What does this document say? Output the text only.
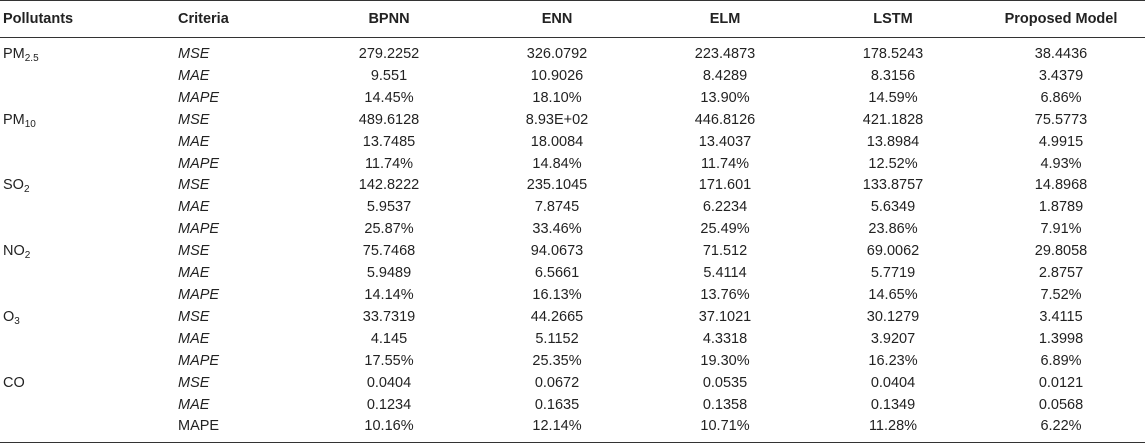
Pollutants	Criteria	BPNN	ENN	ELM	LSTM	Proposed Model
$PM_{2.5}$	MSE	279.2252	326.0792	223.4873	178.5243	38.4436
	MAE	9.551	10.9026	8.4289	8.3156	3.4379
	MAPE	14.45%	18.10%	13.90%	14.59%	6.86%
$PM_{10}$	MSE	489.6128	8.93E+02	446.8126	421.1828	75.5773
	MAE	13.7485	18.0084	13.4037	13.8984	4.9915
	MAPE	11.74%	14.84%	11.74%	12.52%	4.93%
$SO_2$	MSE	142.8222	235.1045	171.601	133.8757	14.8968
	MAE	5.9537	7.8745	6.2234	5.6349	1.8789
	MAPE	25.87%	33.46%	25.49%	23.86%	7.91%
$NO_2$	MSE	75.7468	94.0673	71.512	69.0062	29.8058
	MAE	5.9489	6.5661	5.4114	5.7719	2.8757
	MAPE	14.14%	16.13%	13.76%	14.65%	7.52%
$O_3$	MSE	33.7319	44.2665	37.1021	30.1279	3.4115
	MAE	4.145	5.1152	4.3318	3.9207	1.3998
	MAPE	17.55%	25.35%	19.30%	16.23%	6.89%
CO	MSE	0.0404	0.0672	0.0535	0.0404	0.0121
	MAE	0.1234	0.1635	0.1358	0.1349	0.0568
	MAPE	10.16%	12.14%	10.71%	11.28%	6.22%
